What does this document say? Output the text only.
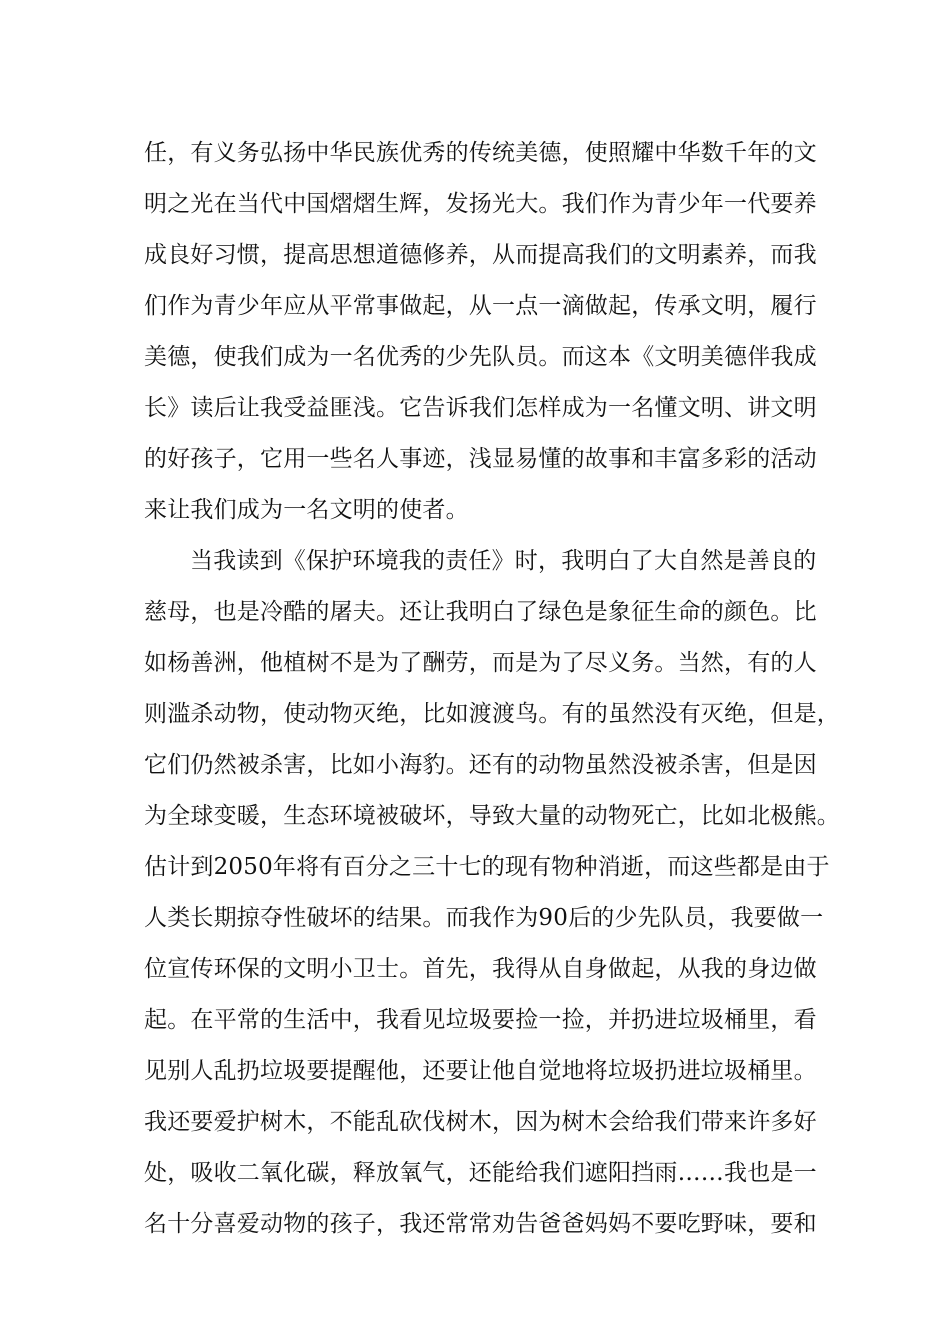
任，有义务弘扬中华民族优秀的传统美德，使照耀中华数千年的文
明之光在当代中国熠熠生辉，发扬光大。我们作为青少年一代要养
成良好习惯，提高思想道德修养，从而提高我们的文明素养，而我
们作为青少年应从平常事做起，从一点一滴做起，传承文明，履行
美德，使我们成为一名优秀的少先队员。而这本《文明美德伴我成
长》读后让我受益匪浅。它告诉我们怎样成为一名懂文明、讲文明
的好孩子，它用一些名人事迹，浅显易懂的故事和丰富多彩的活动
来让我们成为一名文明的使者。
当我读到《保护环境我的责任》时，我明白了大自然是善良的
慈母，也是冷酷的屠夫。还让我明白了绿色是象征生命的颜色。比
如杨善洲，他植树不是为了酬劳，而是为了尽义务。当然，有的人
则滥杀动物，使动物灭绝，比如渡渡鸟。有的虽然没有灭绝，但是，
它们仍然被杀害，比如小海豹。还有的动物虽然没被杀害，但是因
为全球变暖，生态环境被破坏，导致大量的动物死亡，比如北极熊。
估计到2050年将有百分之三十七的现有物种消逝，而这些都是由于
人类长期掠夺性破坏的结果。而我作为90后的少先队员，我要做一
位宣传环保的文明小卫士。首先，我得从自身做起，从我的身边做
起。在平常的生活中，我看见垃圾要捡一捡，并扔进垃圾桶里，看
见别人乱扔垃圾要提醒他，还要让他自觉地将垃圾扔进垃圾桶里。
我还要爱护树木，不能乱砍伐树木，因为树木会给我们带来许多好
处，吸收二氧化碳，释放氧气，还能给我们遮阳挡雨……我也是一
名十分喜爱动物的孩子，我还常常劝告爸爸妈妈不要吃野味，要和
